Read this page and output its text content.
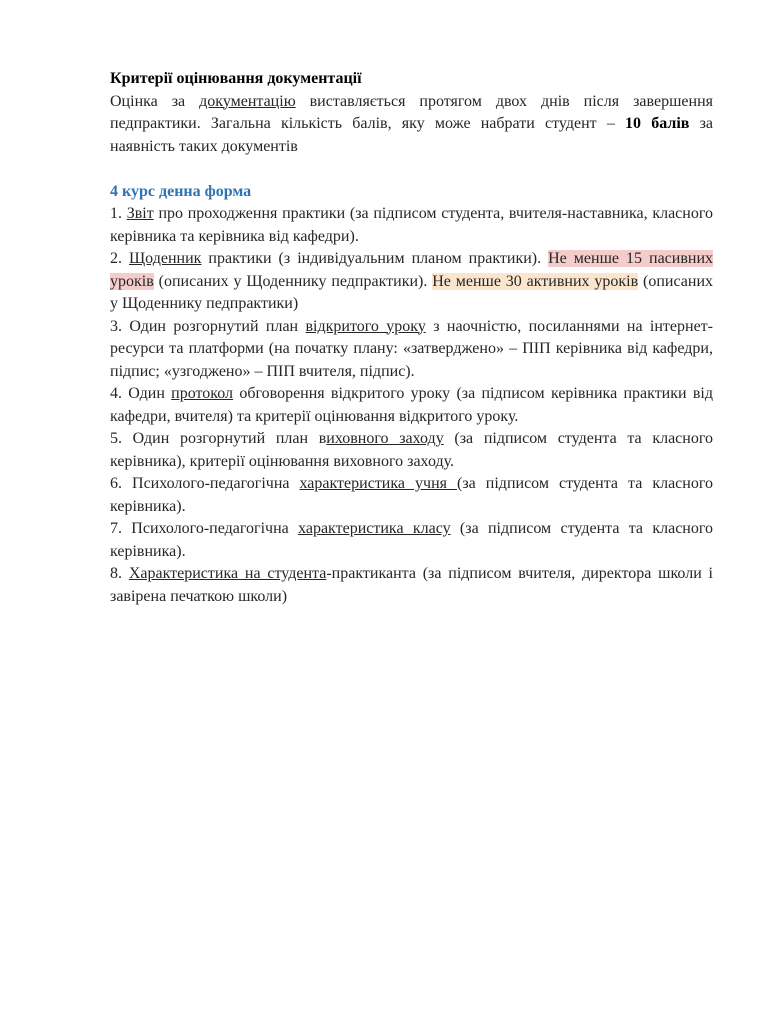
Критерії оцінювання документації

Оцінка за документацію виставляється протягом двох днів після завершення педпрактики. Загальна кількість балів, яку може набрати студент – 10 балів за наявність таких документів

4 курс денна форма

1. Звіт про проходження практики (за підписом студента, вчителя-наставника, класного керівника та керівника від кафедри).

2. Щоденник практики (з індивідуальним планом практики). Не менше 15 пасивних уроків (описаних у Щоденнику педпрактики). Не менше 30 активних уроків (описаних у Щоденнику педпрактики)

3. Один розгорнутий план відкритого уроку з наочністю, посиланнями на інтернет-ресурси та платформи (на початку плану: «затверджено» – ПІП керівника від кафедри, підпис; «узгоджено» – ПІП вчителя, підпис).

4. Один протокол обговорення відкритого уроку (за підписом керівника практики від кафедри, вчителя) та критерії оцінювання відкритого уроку.

5. Один розгорнутий план виховного заходу (за підписом студента та класного керівника), критерії оцінювання виховного заходу.

6. Психолого-педагогічна характеристика учня (за підписом студента та класного керівника).

7. Психолого-педагогічна характеристика класу (за підписом студента та класного керівника).

8. Характеристика на студента-практиканта (за підписом вчителя, директора школи і завірена печаткою школи)
